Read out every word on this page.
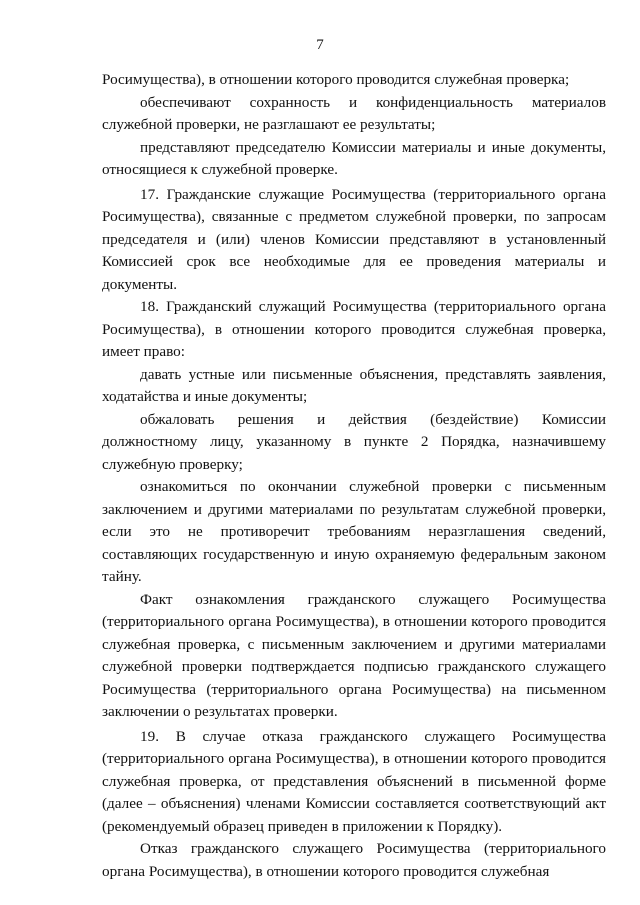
7

Росимущества), в отношении которого проводится служебная проверка;

обеспечивают сохранность и конфиденциальность материалов служебной проверки, не разглашают ее результаты;

представляют председателю Комиссии материалы и иные документы, относящиеся к служебной проверке.

17. Гражданские служащие Росимущества (территориального органа Росимущества), связанные с предметом служебной проверки, по запросам председателя и (или) членов Комиссии представляют в установленный Комиссией срок все необходимые для ее проведения материалы и документы.

18. Гражданский служащий Росимущества (территориального органа Росимущества), в отношении которого проводится служебная проверка, имеет право:

давать устные или письменные объяснения, представлять заявления, ходатайства и иные документы;

обжаловать решения и действия (бездействие) Комиссии должностному лицу, указанному в пункте 2 Порядка, назначившему служебную проверку;

ознакомиться по окончании служебной проверки с письменным заключением и другими материалами по результатам служебной проверки, если это не противоречит требованиям неразглашения сведений, составляющих государственную и иную охраняемую федеральным законом тайну.

Факт ознакомления гражданского служащего Росимущества (территориального органа Росимущества), в отношении которого проводится служебная проверка, с письменным заключением и другими материалами служебной проверки подтверждается подписью гражданского служащего Росимущества (территориального органа Росимущества) на письменном заключении о результатах проверки.

19. В случае отказа гражданского служащего Росимущества (территориального органа Росимущества), в отношении которого проводится служебная проверка, от представления объяснений в письменной форме (далее – объяснения) членами Комиссии составляется соответствующий акт (рекомендуемый образец приведен в приложении к Порядку).

Отказ гражданского служащего Росимущества (территориального органа Росимущества), в отношении которого проводится служебная
